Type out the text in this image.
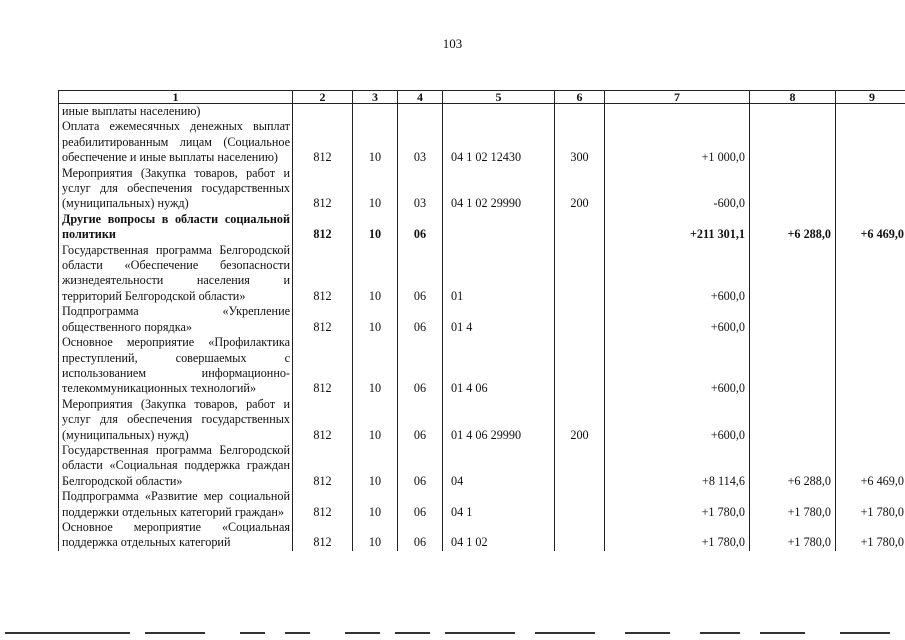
103
1	2	3	4	5	6	7	8	9
иные выплаты населению)								
Оплата ежемесячных денежных выплат реабилитированным лицам (Социальное обеспечение и иные выплаты населению)	812	10	03	04 1 02 12430	300	+1 000,0		
Мероприятия (Закупка товаров, работ и услуг для обеспечения государственных (муниципальных) нужд)	812	10	03	04 1 02 29990	200	-600,0		
Другие вопросы в области социальной политики	812	10	06			+211 301,1	+6 288,0	+6 469,0
Государственная программа Белгородской области «Обеспечение безопасности жизнедеятельности населения и территорий Белгородской области»	812	10	06	01		+600,0		
Подпрограмма «Укрепление общественного порядка»	812	10	06	01 4		+600,0		
Основное мероприятие «Профилактика преступлений, совершаемых с использованием информационно-телекоммуникационных технологий»	812	10	06	01 4 06		+600,0		
Мероприятия (Закупка товаров, работ и услуг для обеспечения государственных (муниципальных) нужд)	812	10	06	01 4 06 29990	200	+600,0		
Государственная программа Белгородской области «Социальная поддержка граждан Белгородской области»	812	10	06	04		+8 114,6	+6 288,0	+6 469,0
Подпрограмма «Развитие мер социальной поддержки отдельных категорий граждан»	812	10	06	04 1		+1 780,0	+1 780,0	+1 780,0
Основное мероприятие «Социальная поддержка отдельных категорий	812	10	06	04 1 02		+1 780,0	+1 780,0	+1 780,0
